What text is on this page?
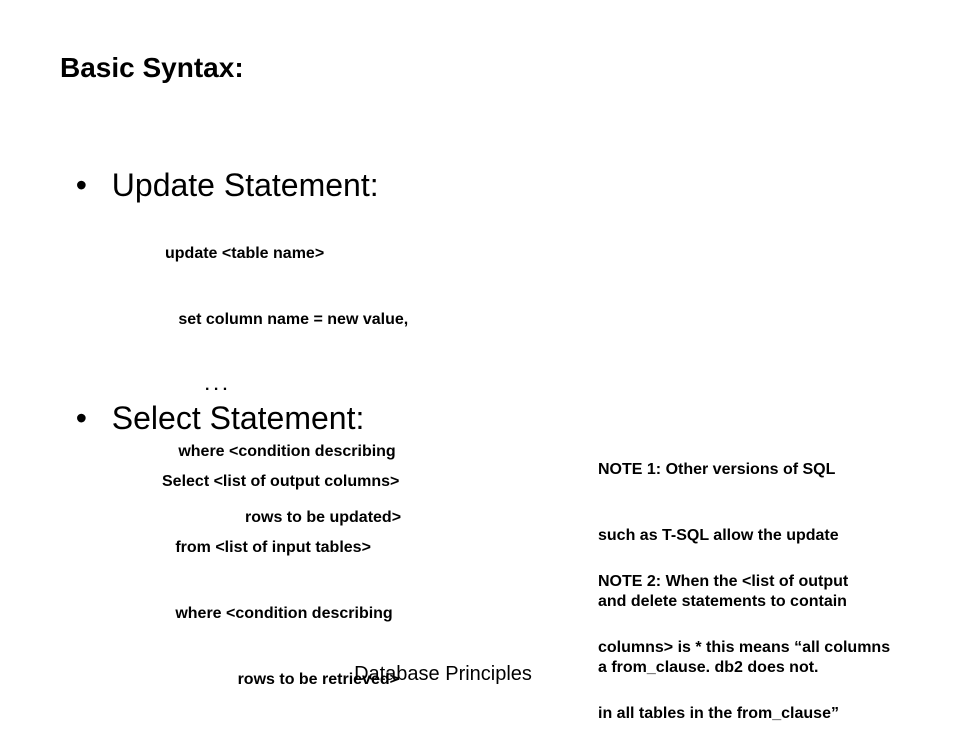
Basic Syntax:

• Update Statement:

update <table name>

set column name = new value,

. . .

where <condition describing

rows to be updated>

• Select Statement:

Select <list of output columns>

from <list of input tables>

where <condition describing

rows to be retrieved>

NOTE 1: Other versions of SQL

such as T-SQL allow the update

and delete statements to contain

a from_clause. db2 does not.

NOTE 2: When the <list of output

columns> is * this means “all columns

in all tables in the from_clause”

Database Principles
